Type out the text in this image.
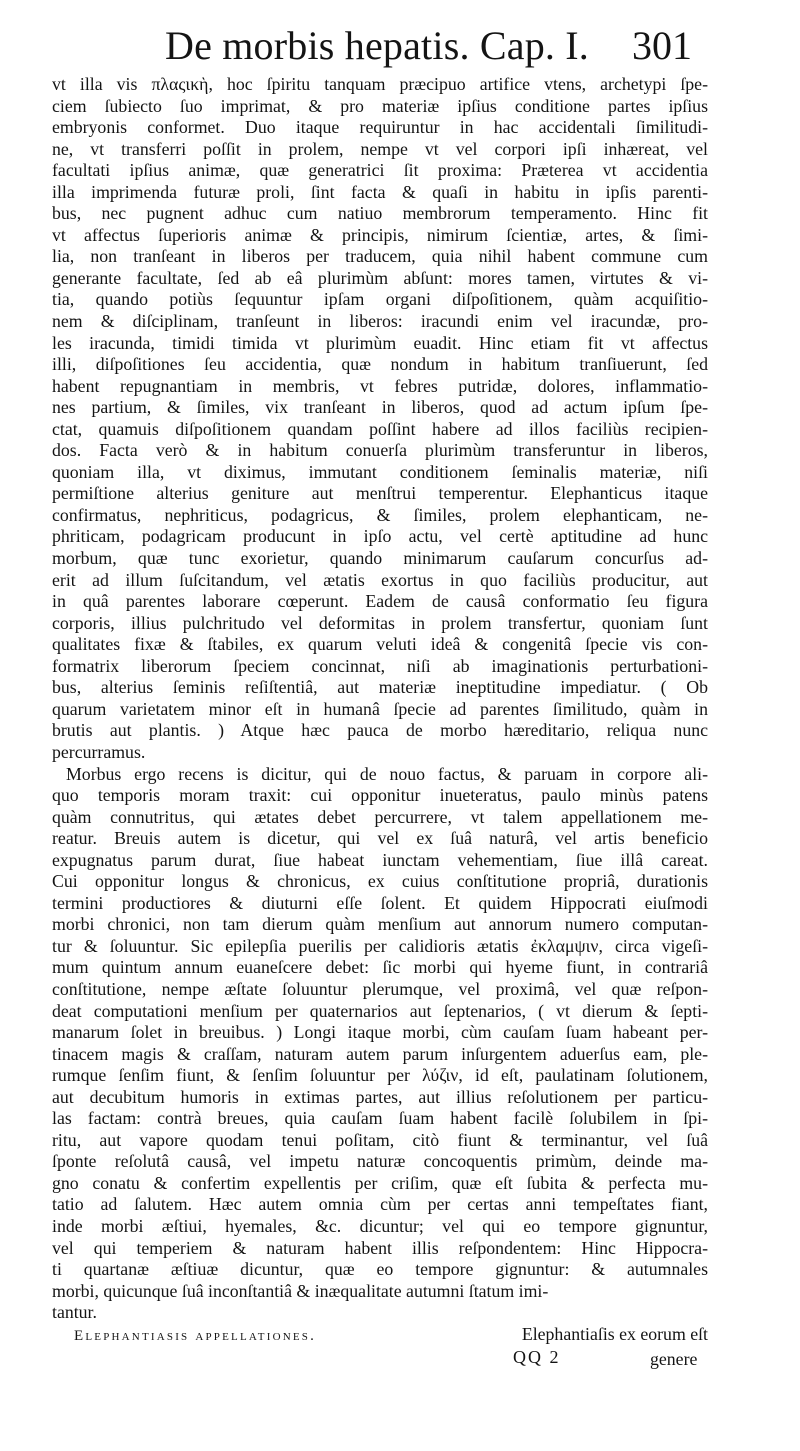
De morbis hepatis. Cap. I. 301
vt illa vis πλαςικὴ, hoc ſpiritu tanquam præcipuo artifice vtens, archetypi ſpe-
ciem ſubiecto ſuo imprimat, & pro materiæ ipſius conditione partes ipſius
embryonis conformet. Duo itaque requiruntur in hac accidentali ſimilitudi-
ne, vt transferri poſſit in prolem, nempe vt vel corpori ipſi inhæreat, vel
facultati ipſius animæ, quæ generatrici ſit proxima: Præterea vt accidentia
illa imprimenda futuræ proli, ſint facta & quaſi in habitu in ipſis parenti-
bus, nec pugnent adhuc cum natiuo membrorum temperamento. Hinc fit
vt affectus ſuperioris animæ & principis, nimirum ſcientiæ, artes, & ſimi-
lia, non tranſeant in liberos per traducem, quia nihil habent commune cum
generante facultate, ſed ab eâ plurimùm abſunt: mores tamen, virtutes & vi-
tia, quando potiùs ſequuntur ipſam organi diſpoſitionem, quàm acquiſitio-
nem & diſciplinam, tranſeunt in liberos: iracundi enim vel iracundæ, pro-
les iracunda, timidi timida vt plurimùm euadit. Hinc etiam fit vt affectus
illi, diſpoſitiones ſeu accidentia, quæ nondum in habitum tranſiuerunt, ſed
habent repugnantiam in membris, vt febres putridæ, dolores, inflammatio-
nes partium, & ſimiles, vix tranſeant in liberos, quod ad actum ipſum ſpe-
ctat, quamuis diſpoſitionem quandam poſſint habere ad illos faciliùs recipien-
dos. Facta verò & in habitum conuerſa plurimùm transferuntur in liberos,
quoniam illa, vt diximus, immutant conditionem ſeminalis materiæ, niſi
permiſtione alterius geniture aut menſtrui temperentur. Elephanticus itaque
confirmatus, nephriticus, podagricus, & ſimiles, prolem elephanticam, ne-
phriticam, podagricam producunt in ipſo actu, vel certè aptitudine ad hunc
morbum, quæ tunc exorietur, quando minimarum cauſarum concurſus ad-
erit ad illum ſuſcitandum, vel ætatis exortus in quo faciliùs producitur, aut
in quâ parentes laborare cœperunt. Eadem de causâ conformatio ſeu figura
corporis, illius pulchritudo vel deformitas in prolem transfertur, quoniam ſunt
qualitates fixæ & ſtabiles, ex quarum veluti ideâ & congenitâ ſpecie vis con-
formatrix liberorum ſpeciem concinnat, niſi ab imaginationis perturbationi-
bus, alterius ſeminis reſiſtentiâ, aut materiæ ineptitudine impediatur. ( Ob
quarum varietatem minor eſt in humanâ ſpecie ad parentes ſimilitudo, quàm in
brutis aut plantis. ) Atque hæc pauca de morbo hæreditario, reliqua nunc
percurramus.
Morbus ergo recens is dicitur, qui de nouo factus, & paruam in corpore ali-
quo temporis moram traxit: cui opponitur inueteratus, paulo minùs patens
quàm connutritus, qui ætates debet percurrere, vt talem appellationem me-
reatur. Breuis autem is dicetur, qui vel ex ſuâ naturâ, vel artis beneficio
expugnatus parum durat, ſiue habeat iunctam vehementiam, ſiue illâ careat.
Cui opponitur longus & chronicus, ex cuius conſtitutione propriâ, durationis
termini productiores & diuturni eſſe ſolent. Et quidem Hippocrati eiuſmodi
morbi chronici, non tam dierum quàm menſium aut annorum numero computan-
tur & ſoluuntur. Sic epilepſia puerilis per calidioris ætatis ἐκλαμψιν, circa vigeſi-
mum quintum annum euaneſcere debet: ſic morbi qui hyeme fiunt, in contrariâ
conſtitutione, nempe æſtate ſoluuntur plerumque, vel proximâ, vel quæ reſpon-
deat computationi menſium per quaternarios aut ſeptenarios, ( vt dierum & ſepti-
manarum ſolet in breuibus. ) Longi itaque morbi, cùm cauſam ſuam habeant per-
tinacem magis & craſſam, naturam autem parum inſurgentem aduerſus eam, ple-
rumque ſenſim fiunt, & ſenſim ſoluuntur per λύζιν, id eſt, paulatinam ſolutionem,
aut decubitum humoris in extimas partes, aut illius reſolutionem per particu-
las factam: contrà breues, quia cauſam ſuam habent facilè ſolubilem in ſpi-
ritu, aut vapore quodam tenui poſitam, citò fiunt & terminantur, vel ſuâ
ſponte reſolutâ causâ, vel impetu naturæ concoquentis primùm, deinde ma-
gno conatu & confertim expellentis per criſim, quæ eſt ſubita & perfecta mu-
tatio ad ſalutem. Hæc autem omnia cùm per certas anni tempeſtates fiant,
inde morbi æſtiui, hyemales, &c. dicuntur; vel qui eo tempore gignuntur,
vel qui temperiem & naturam habent illis reſpondentem: Hinc Hippocra-
ti quartanæ æſtiuæ dicuntur, quæ eo tempore gignuntur: & autumnales
morbi, quicunque ſuâ inconſtantiâ & inæqualitate autumni ſtatum imi-
tantur.
Elephantiasis appellationes.	Elephantiaſis ex eorum eſt
QQ 2	genere
